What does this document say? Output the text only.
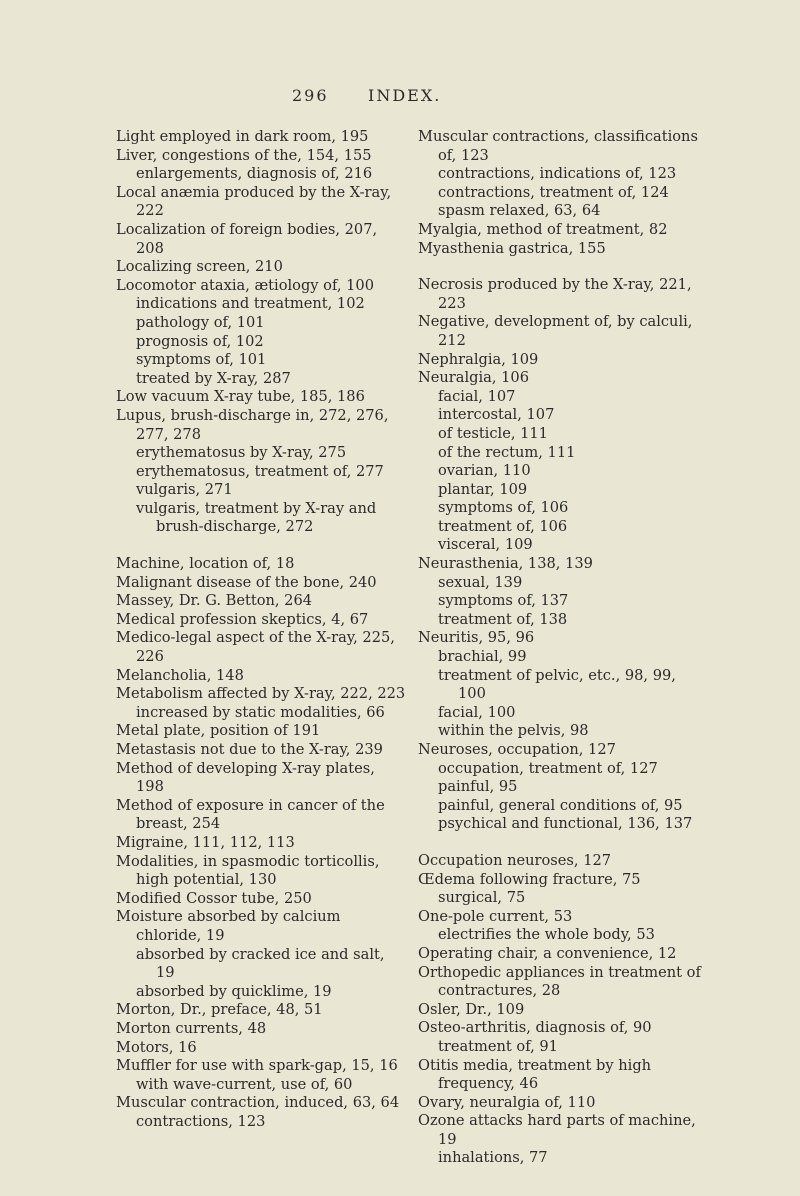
296 INDEX.
Light employed in dark room, 195
Liver, congestions of the, 154, 155
enlargements, diagnosis of, 216
Local anæmia produced by the X-ray, 222
Localization of foreign bodies, 207, 208
Localizing screen, 210
Locomotor ataxia, ætiology of, 100
indications and treatment, 102
pathology of, 101
prognosis of, 102
symptoms of, 101
treated by X-ray, 287
Low vacuum X-ray tube, 185, 186
Lupus, brush-discharge in, 272, 276, 277, 278
erythematosus by X-ray, 275
erythematosus, treatment of, 277
vulgaris, 271
vulgaris, treatment by X-ray and brush-discharge, 272
Machine, location of, 18
Malignant disease of the bone, 240
Massey, Dr. G. Betton, 264
Medical profession skeptics, 4, 67
Medico-legal aspect of the X-ray, 225, 226
Melancholia, 148
Metabolism affected by X-ray, 222, 223
increased by static modalities, 66
Metal plate, position of 191
Metastasis not due to the X-ray, 239
Method of developing X-ray plates, 198
Method of exposure in cancer of the breast, 254
Migraine, 111, 112, 113
Modalities, in spasmodic torticollis, high potential, 130
Modified Cossor tube, 250
Moisture absorbed by calcium chloride, 19
absorbed by cracked ice and salt, 19
absorbed by quicklime, 19
Morton, Dr., preface, 48, 51
Morton currents, 48
Motors, 16
Muffler for use with spark-gap, 15, 16
with wave-current, use of, 60
Muscular contraction, induced, 63, 64
contractions, 123
Muscular contractions, classifications of, 123
contractions, indications of, 123
contractions, treatment of, 124
spasm relaxed, 63, 64
Myalgia, method of treatment, 82
Myasthenia gastrica, 155
Necrosis produced by the X-ray, 221, 223
Negative, development of, by calculi, 212
Nephralgia, 109
Neuralgia, 106
facial, 107
intercostal, 107
of testicle, 111
of the rectum, 111
ovarian, 110
plantar, 109
symptoms of, 106
treatment of, 106
visceral, 109
Neurasthenia, 138, 139
sexual, 139
symptoms of, 137
treatment of, 138
Neuritis, 95, 96
brachial, 99
treatment of pelvic, etc., 98, 99, 100
facial, 100
within the pelvis, 98
Neuroses, occupation, 127
occupation, treatment of, 127
painful, 95
painful, general conditions of, 95
psychical and functional, 136, 137
Occupation neuroses, 127
Œdema following fracture, 75
surgical, 75
One-pole current, 53
electrifies the whole body, 53
Operating chair, a convenience, 12
Orthopedic appliances in treatment of contractures, 28
Osler, Dr., 109
Osteo-arthritis, diagnosis of, 90
treatment of, 91
Otitis media, treatment by high frequency, 46
Ovary, neuralgia of, 110
Ozone attacks hard parts of machine, 19
inhalations, 77
